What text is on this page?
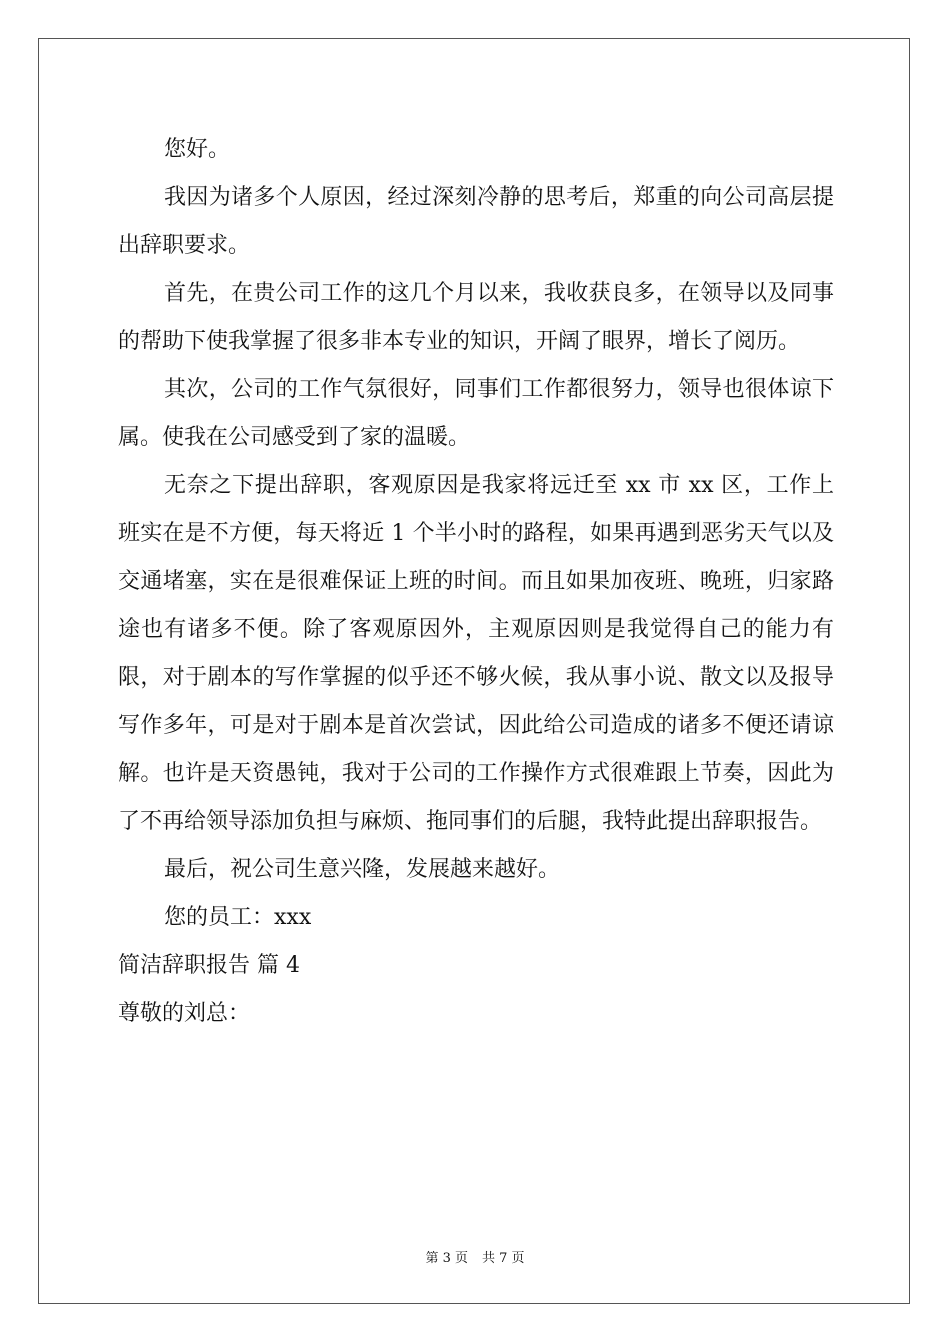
您好。

我因为诸多个人原因，经过深刻冷静的思考后，郑重的向公司高层提出辞职要求。

首先，在贵公司工作的这几个月以来，我收获良多，在领导以及同事的帮助下使我掌握了很多非本专业的知识，开阔了眼界，增长了阅历。

其次，公司的工作气氛很好，同事们工作都很努力，领导也很体谅下属。使我在公司感受到了家的温暖。

无奈之下提出辞职，客观原因是我家将远迁至 xx 市 xx 区，工作上班实在是不方便，每天将近 1 个半小时的路程，如果再遇到恶劣天气以及交通堵塞，实在是很难保证上班的时间。而且如果加夜班、晚班，归家路途也有诸多不便。除了客观原因外，主观原因则是我觉得自己的能力有限，对于剧本的写作掌握的似乎还不够火候，我从事小说、散文以及报导写作多年，可是对于剧本是首次尝试，因此给公司造成的诸多不便还请谅解。也许是天资愚钝，我对于公司的工作操作方式很难跟上节奏，因此为了不再给领导添加负担与麻烦、拖同事们的后腿，我特此提出辞职报告。

最后，祝公司生意兴隆，发展越来越好。

您的员工：xxx

简洁辞职报告 篇 4

尊敬的刘总：

第 3 页 共 7 页
